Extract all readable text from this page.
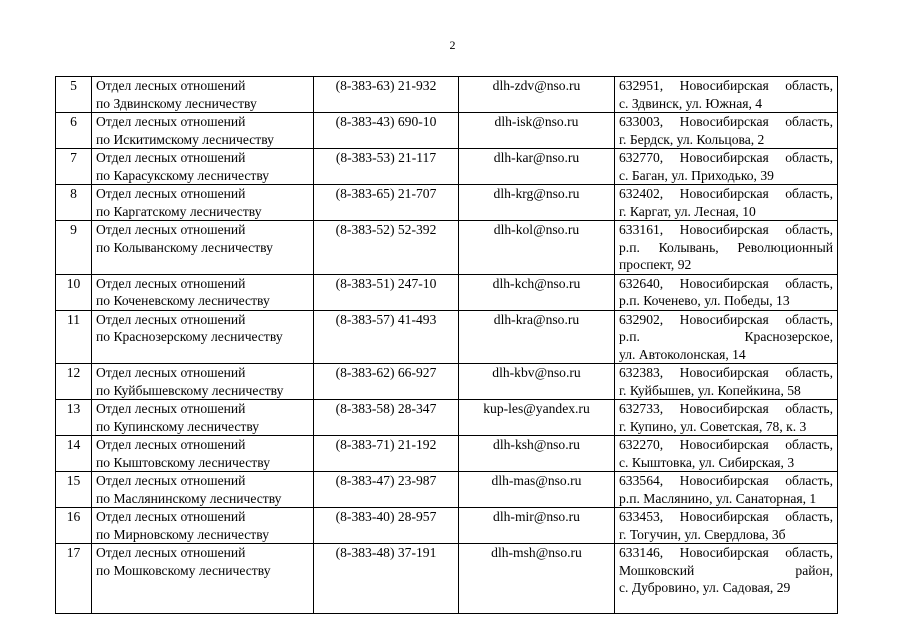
2
5	Отдел лесных отношений
по Здвинскому лесничеству	(8-383-63) 21-932	dlh-zdv@nso.ru	632951, Новосибирская область,
с. Здвинск, ул. Южная, 4

6	Отдел лесных отношений
по Искитимскому лесничеству	(8-383-43) 690-10	dlh-isk@nso.ru	633003, Новосибирская область,
г. Бердск, ул. Кольцова, 2

7	Отдел лесных отношений
по Карасукскому лесничеству	(8-383-53) 21-117	dlh-kar@nso.ru	632770, Новосибирская область,
с. Баган, ул. Приходько, 39

8	Отдел лесных отношений
по Каргатскому лесничеству	(8-383-65) 21-707	dlh-krg@nso.ru	632402, Новосибирская область,
г. Каргат, ул. Лесная, 10

9	Отдел лесных отношений
по Колыванскому лесничеству	(8-383-52) 52-392	dlh-kol@nso.ru	633161, Новосибирская область,
р.п. Колывань, Революционный
проспект, 92

10	Отдел лесных отношений
по Коченевскому лесничеству	(8-383-51) 247-10	dlh-kch@nso.ru	632640, Новосибирская область,
р.п. Коченево, ул. Победы, 13

11	Отдел лесных отношений
по Краснозерскому лесничеству	(8-383-57) 41-493	dlh-kra@nso.ru	632902, Новосибирская область,
р.п. Краснозерское,
ул. Автоколонская, 14

12	Отдел лесных отношений
по Куйбышевскому лесничеству	(8-383-62) 66-927	dlh-kbv@nso.ru	632383, Новосибирская область,
г. Куйбышев, ул. Копейкина, 58

13	Отдел лесных отношений
по Купинскому лесничеству	(8-383-58) 28-347	kup-les@yandex.ru	632733, Новосибирская область,
г. Купино, ул. Советская, 78, к. 3

14	Отдел лесных отношений
по Кыштовскому лесничеству	(8-383-71) 21-192	dlh-ksh@nso.ru	632270, Новосибирская область,
с. Кыштовка, ул. Сибирская, 3

15	Отдел лесных отношений
по Маслянинскому лесничеству	(8-383-47) 23-987	dlh-mas@nso.ru	633564, Новосибирская область,
р.п. Маслянино, ул. Санаторная, 1

16	Отдел лесных отношений
по Мирновскому лесничеству	(8-383-40) 28-957	dlh-mir@nso.ru	633453, Новосибирская область,
г. Тогучин, ул. Свердлова, 3б

17	Отдел лесных отношений
по Мошковскому лесничеству	(8-383-48) 37-191	dlh-msh@nso.ru	633146, Новосибирская область,
Мошковский район,
с. Дубровино, ул. Садовая, 29
